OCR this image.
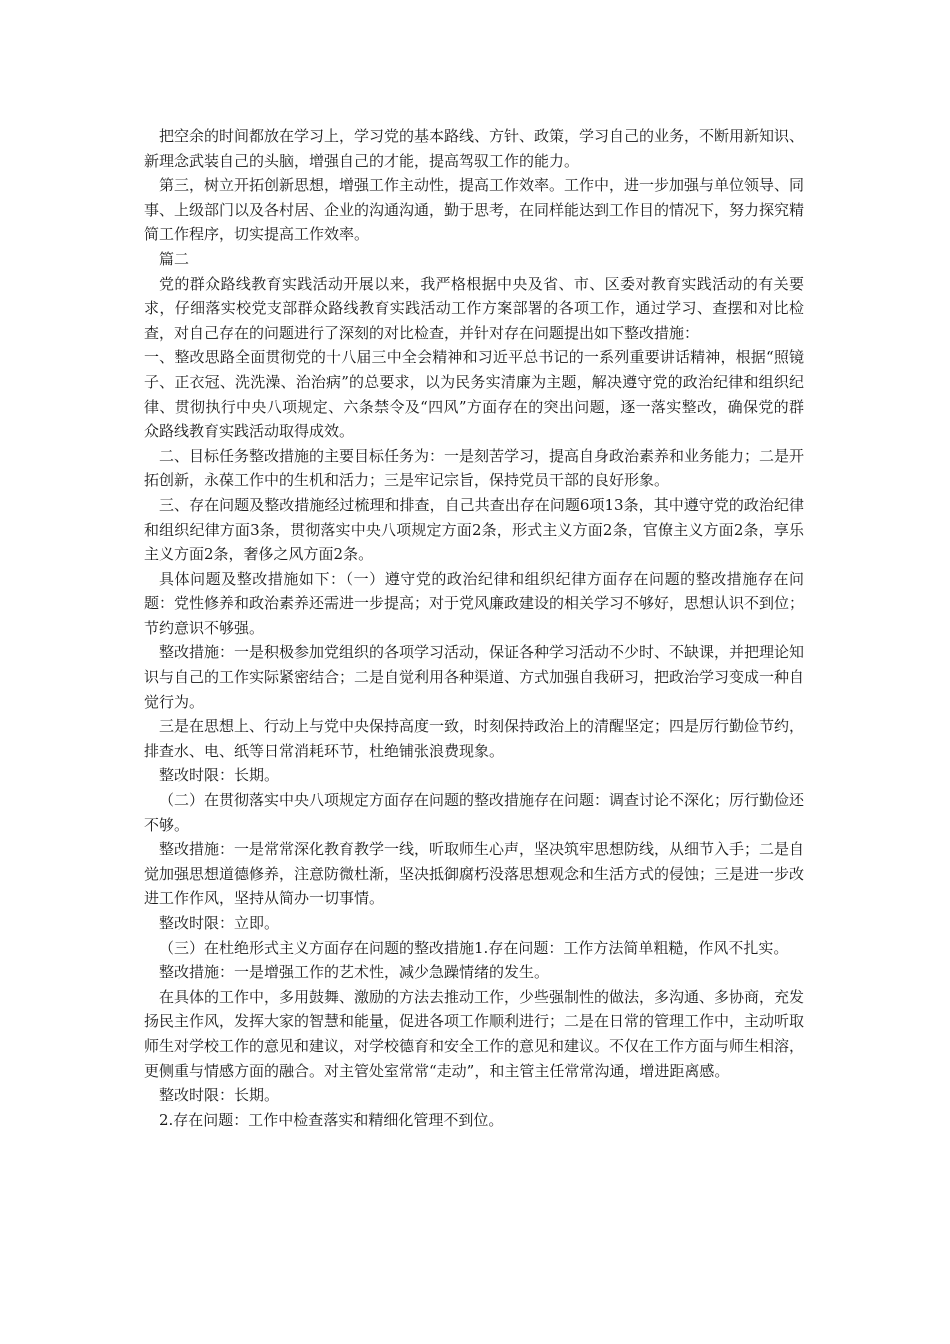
把空余的时间都放在学习上，学习党的基本路线、方针、政策，学习自己的业务，不断用新知识、新理念武装自己的头脑，增强自己的才能，提高驾驭工作的能力。

第三，树立开拓创新思想，增强工作主动性，提高工作效率。工作中，进一步加强与单位领导、同事、上级部门以及各村居、企业的沟通沟通，勤于思考，在同样能达到工作目的情况下，努力探究精简工作程序，切实提高工作效率。

篇二

党的群众路线教育实践活动开展以来，我严格根据中央及省、市、区委对教育实践活动的有关要求，仔细落实校党支部群众路线教育实践活动工作方案部署的各项工作，通过学习、查摆和对比检查，对自己存在的问题进行了深刻的对比检查，并针对存在问题提出如下整改措施：

一、整改思路全面贯彻党的十八届三中全会精神和习近平总书记的一系列重要讲话精神，根据“照镜子、正衣冠、洗洗澡、治治病”的总要求，以为民务实清廉为主题，解决遵守党的政治纪律和组织纪律、贯彻执行中央八项规定、六条禁令及“四风”方面存在的突出问题，逐一落实整改，确保党的群众路线教育实践活动取得成效。

二、目标任务整改措施的主要目标任务为：一是刻苦学习，提高自身政治素养和业务能力；二是开拓创新，永葆工作中的生机和活力；三是牢记宗旨，保持党员干部的良好形象。

三、存在问题及整改措施经过梳理和排查，自己共查出存在问题6项13条，其中遵守党的政治纪律和组织纪律方面3条，贯彻落实中央八项规定方面2条，形式主义方面2条，官僚主义方面2条，享乐主义方面2条，奢侈之风方面2条。

具体问题及整改措施如下：（一）遵守党的政治纪律和组织纪律方面存在问题的整改措施存在问题：党性修养和政治素养还需进一步提高；对于党风廉政建设的相关学习不够好，思想认识不到位；节约意识不够强。

整改措施：一是积极参加党组织的各项学习活动，保证各种学习活动不少时、不缺课，并把理论知识与自己的工作实际紧密结合；二是自觉利用各种渠道、方式加强自我研习，把政治学习变成一种自觉行为。

三是在思想上、行动上与党中央保持高度一致，时刻保持政治上的清醒坚定；四是厉行勤俭节约，排查水、电、纸等日常消耗环节，杜绝铺张浪费现象。

整改时限：长期。

（二）在贯彻落实中央八项规定方面存在问题的整改措施存在问题：调查讨论不深化；厉行勤俭还不够。

整改措施：一是常常深化教育教学一线，听取师生心声，坚决筑牢思想防线，从细节入手；二是自觉加强思想道德修养，注意防微杜渐，坚决抵御腐朽没落思想观念和生活方式的侵蚀；三是进一步改进工作作风，坚持从简办一切事情。

整改时限：立即。

（三）在杜绝形式主义方面存在问题的整改措施1.存在问题：工作方法简单粗糙，作风不扎实。

整改措施：一是增强工作的艺术性，减少急躁情绪的发生。

在具体的工作中，多用鼓舞、激励的方法去推动工作，少些强制性的做法，多沟通、多协商，充发扬民主作风，发挥大家的智慧和能量，促进各项工作顺利进行；二是在日常的管理工作中，主动听取师生对学校工作的意见和建议，对学校德育和安全工作的意见和建议。不仅在工作方面与师生相溶，更侧重与情感方面的融合。对主管处室常常“走动”，和主管主任常常沟通，增进距离感。

整改时限：长期。

2.存在问题：工作中检查落实和精细化管理不到位。
